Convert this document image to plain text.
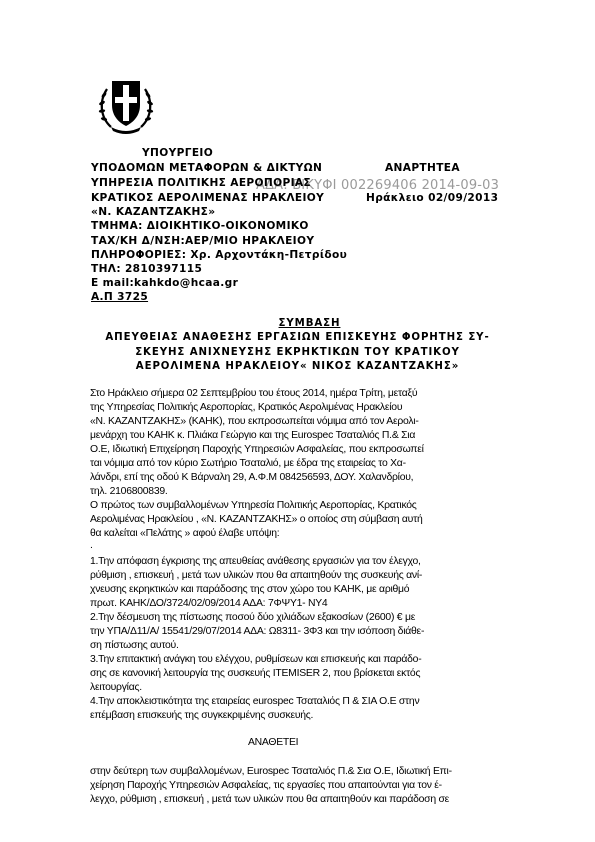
ΑΔΑ: ΒΙΚΥΦΙ 002269406 2014-09-03
ΥΠΟΥΡΓΕΙΟ
ΥΠΟΔΟΜΩΝ ΜΕΤΑΦΟΡΩΝ & ΔΙΚΤΥΩΝ	ΑΝΑΡΤΗΤΕΑ
ΥΠΗΡΕΣΙΑ ΠΟΛΙΤΙΚΗΣ ΑΕΡΟΠΟΡΙΑΣ
ΚΡΑΤΙΚΟΣ ΑΕΡΟΛΙΜΕΝΑΣ ΗΡΑΚΛΕΙΟΥ	Ηράκλειο 02/09/2013
«Ν. ΚΑΖΑΝΤΖΑΚΗΣ»
ΤΜΗΜΑ: ΔΙΟΙΚΗΤΙΚΟ-ΟΙΚΟΝΟΜΙΚΟ
ΤΑΧ/ΚΗ Δ/ΝΣΗ:ΑΕΡ/ΜΙΟ ΗΡΑΚΛΕΙΟΥ
ΠΛΗΡΟΦΟΡΙΕΣ: Χρ. Αρχοντάκη-Πετρίδου
ΤΗΛ: 2810397115
E mail:kahkdo@hcaa.gr
Α.Π 3725
ΣΥΜΒΑΣΗ
ΑΠΕΥΘΕΙΑΣ ΑΝΑΘΕΣΗΣ ΕΡΓΑΣΙΩΝ ΕΠΙΣΚΕΥΗΣ ΦΟΡΗΤΗΣ ΣΥ-
ΣΚΕΥΗΣ ΑΝΙΧΝΕΥΣΗΣ ΕΚΡΗΚΤΙΚΩΝ ΤΟΥ ΚΡΑΤΙΚΟΥ
ΑΕΡΟΛΙΜΕΝΑ ΗΡΑΚΛΕΙΟΥ« ΝΙΚΟΣ ΚΑΖΑΝΤΖΑΚΗΣ»
Στο Ηράκλειο σήμερα 02 Σεπτεμβρίου του έτους 2014, ημέρα Τρίτη, μεταξύ
της Υπηρεσίας Πολιτικής Αεροπορίας, Κρατικός Αερολιμένας Ηρακλείου
«Ν. ΚΑΖΑΝΤΖΑΚΗΣ» (ΚΑΗΚ), που εκπροσωπείται νόμιμα από τον Αερολι-
μενάρχη του ΚΑΗΚ κ. Πλιάκα Γεώργιο και της Eurospec Τσαταλιός Π.& Σια
Ο.Ε, Ιδιωτική Επιχείρηση Παροχής Υπηρεσιών Ασφαλείας, που εκπροσωπεί
ται νόμιμα από τον κύριο Σωτήριο Τσαταλιό, με έδρα της εταιρείας το Χα-
λάνδρι, επί της οδού Κ Βάρναλη 29, Α.Φ.Μ 084256593, ΔΟΥ. Χαλανδρίου,
τηλ. 2106800839.
Ο πρώτος των συμβαλλομένων Υπηρεσία Πολιτικής Αεροπορίας, Κρατικός
Αερολιμένας Ηρακλείου , «Ν. ΚΑΖΑΝΤΖΑΚΗΣ» ο οποίος στη σύμβαση αυτή
θα καλείται «Πελάτης » αφού έλαβε υπόψη:
.
1.Την απόφαση έγκρισης της απευθείας ανάθεσης εργασιών για τον έλεγχο,
ρύθμιση , επισκευή , μετά των υλικών που θα απαιτηθούν της συσκευής ανί-
χνευσης εκρηκτικών και παράδοσης της στον χώρο του ΚΑΗΚ, με αριθμό
πρωτ. ΚΑΗΚ/ΔΟ/3724/02/09/2014 ΑΔΑ: 7ΦΨΥ1- ΝΥ4
2.Την δέσμευση της πίστωσης ποσού δύο χιλιάδων εξακοσίων (2600) € με
την ΥΠΑ/Δ11/Α/ 15541/29/07/2014 ΑΔΑ: Ω8311- 3Φ3 και την ισόποση διάθε-
ση πίστωσης αυτού.
3.Την επιτακτική ανάγκη του ελέγχου, ρυθμίσεων και επισκευής και παράδο-
σης σε κανονική λειτουργία της συσκευής ITEMISER 2, που βρίσκεται εκτός
λειτουργίας.
4.Την αποκλειστικότητα της εταιρείας eurospec Τσαταλιός Π & ΣΙΑ Ο.Ε στην
επέμβαση επισκευής της συγκεκριμένης συσκευής.
ΑΝΑΘΕΤΕΙ
στην δεύτερη των συμβαλλομένων, Eurospec Τσαταλιός Π.& Σια Ο.Ε, Ιδιωτική Επι-
χείρηση Παροχής Υπηρεσιών Ασφαλείας, τις εργασίες που απαιτούνται για τον έ-
λεγχο, ρύθμιση , επισκευή , μετά των υλικών που θα απαιτηθούν και παράδοση σε
